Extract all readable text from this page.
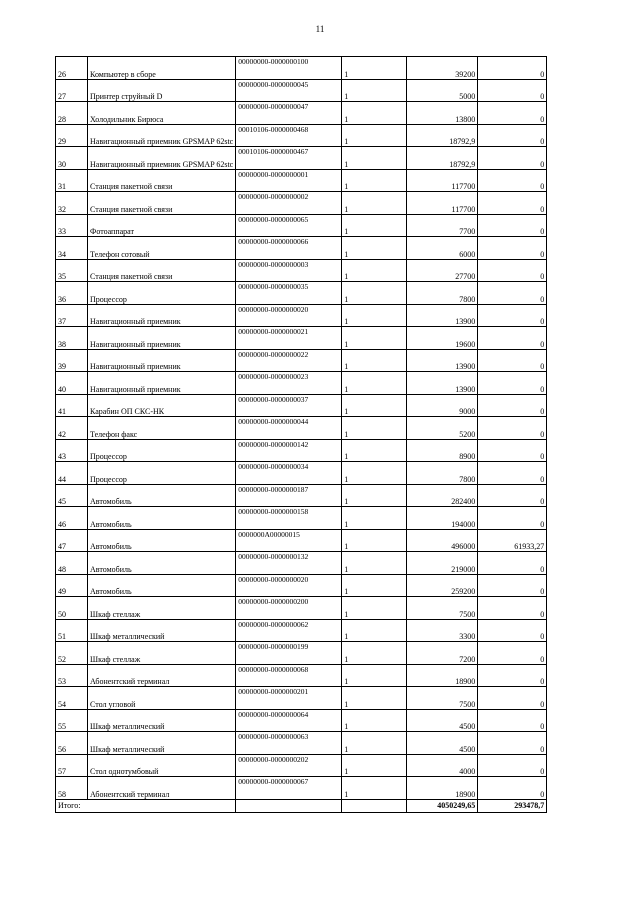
11
26	Компьютер в сборе	00000000-0000000100	1	39200	0
27	Принтер струйный D	00000000-0000000045	1	5000	0
28	Холодильник Бирюса	00000000-0000000047	1	13800	0
29	Навигационный приемник GPSMAP 62stc	00010106-0000000468	1	18792,9	0
30	Навигационный приемник GPSMAP 62stc	00010106-0000000467	1	18792,9	0
31	Станция пакетной связи	00000000-0000000001	1	117700	0
32	Станция пакетной связи	00000000-0000000002	1	117700	0
33	Фотоаппарат	00000000-0000000065	1	7700	0
34	Телефон сотовый	00000000-0000000066	1	6000	0
35	Станция пакетной связи	00000000-0000000003	1	27700	0
36	Процессор	00000000-0000000035	1	7800	0
37	Навигационный приемник	00000000-0000000020	1	13900	0
38	Навигационный приемник	00000000-0000000021	1	19600	0
39	Навигационный приемник	00000000-0000000022	1	13900	0
40	Навигационный приемник	00000000-0000000023	1	13900	0
41	Карабин ОП СКС-НК	00000000-0000000037	1	9000	0
42	Телефон факс	00000000-0000000044	1	5200	0
43	Процессор	00000000-0000000142	1	8900	0
44	Процессор	00000000-0000000034	1	7800	0
45	Автомобиль	00000000-0000000187	1	282400	0
46	Автомобиль	00000000-0000000158	1	194000	0
47	Автомобиль	0000000А00000015	1	496000	61933,27
48	Автомобиль	00000000-0000000132	1	219000	0
49	Автомобиль	00000000-0000000020	1	259200	0
50	Шкаф стеллаж	00000000-0000000200	1	7500	0
51	Шкаф металлический	00000000-0000000062	1	3300	0
52	Шкаф стеллаж	00000000-0000000199	1	7200	0
53	Абонентский терминал	00000000-0000000068	1	18900	0
54	Стол угловой	00000000-0000000201	1	7500	0
55	Шкаф металлический	00000000-0000000064	1	4500	0
56	Шкаф металлический	00000000-0000000063	1	4500	0
57	Стол однотумбовый	00000000-0000000202	1	4000	0
58	Абонентский терминал	00000000-0000000067	1	18900	0
Итого:				4050249,65	293478,7
